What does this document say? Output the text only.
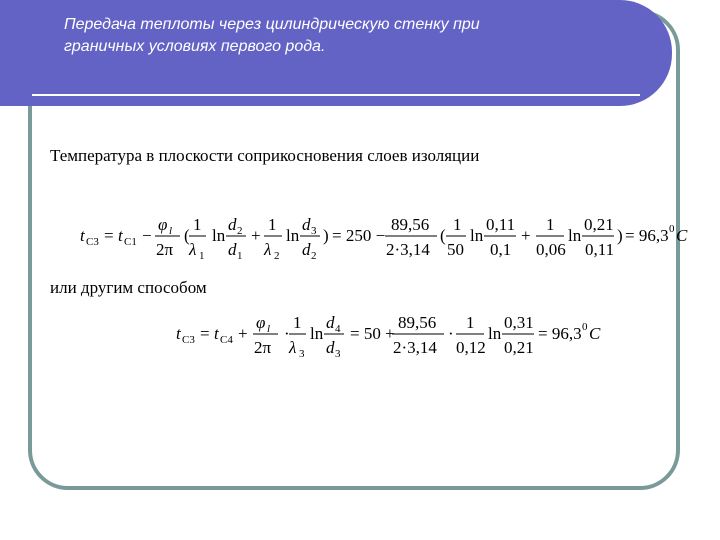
Передача теплоты через цилиндрическую стенку при
граничных условиях первого рода.
Температура в плоскости соприкосновения слоев изоляции
t C3 = t C1 −
φ l
2π
(
1
λ 1
ln
d 2
d 1
+
1
λ 2
ln
d 3
d 2
) = 250 −
89,56
2·3,14
(
1
50
ln
0,11
0,1
+
1
0,06
ln
0,21
0,11
) = 96,3 0 C
или другим способом
t C3 = t C4 +
φ l
2π
·
1
λ 3
ln
d 4
d 3
= 50 +
89,56
2·3,14
·
1
0,12
ln
0,31
0,21
= 96,3 0 C
